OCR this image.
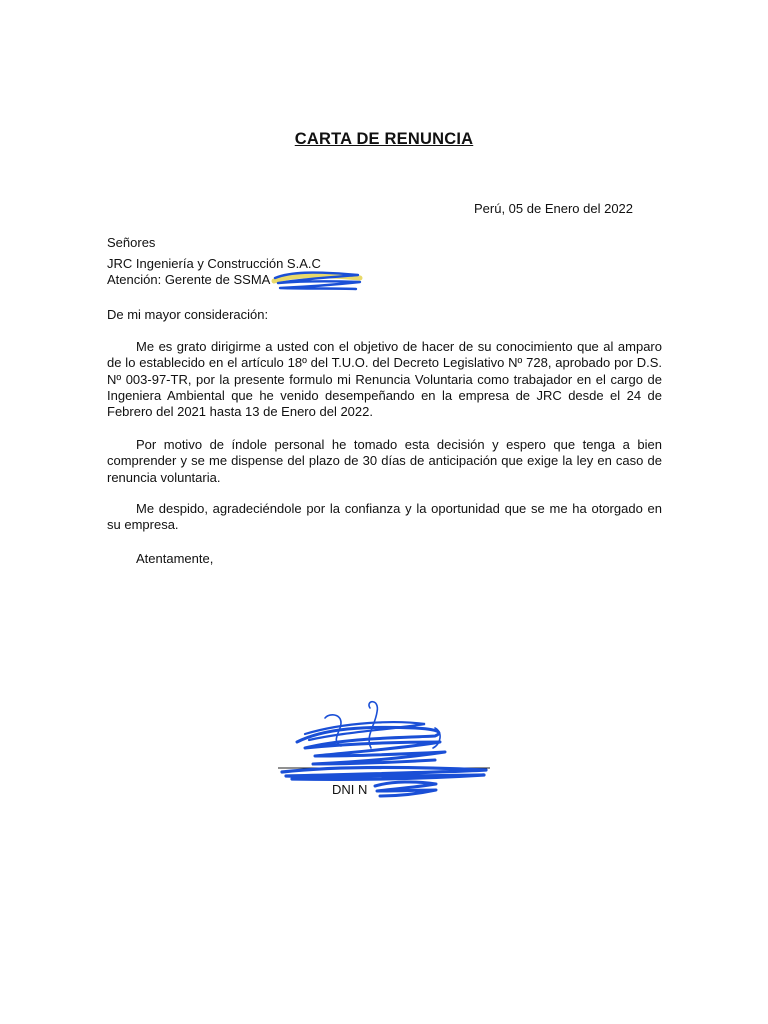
CARTA DE RENUNCIA
Perú, 05 de Enero del 2022
Señores
JRC Ingeniería y Construcción S.A.C
Atención: Gerente de SSMA
De mi mayor consideración:

Me es grato dirigirme a usted con el objetivo de hacer de su conocimiento que al amparo de lo establecido en el artículo 18º del T.U.O. del Decreto Legislativo Nº 728, aprobado por D.S. Nº 003-97-TR, por la presente formulo mi Renuncia Voluntaria como trabajador en el cargo de Ingeniera Ambiental que he venido desempeñando en la empresa de JRC desde el 24 de Febrero del 2021 hasta 13 de Enero del 2022.

Por motivo de índole personal he tomado esta decisión y espero que tenga a bien comprender y se me dispense del plazo de 30 días de anticipación que exige la ley en caso de renuncia voluntaria.

Me despido, agradeciéndole por la confianza y la oportunidad que se me ha otorgado en su empresa.

Atentamente,
DNI N
